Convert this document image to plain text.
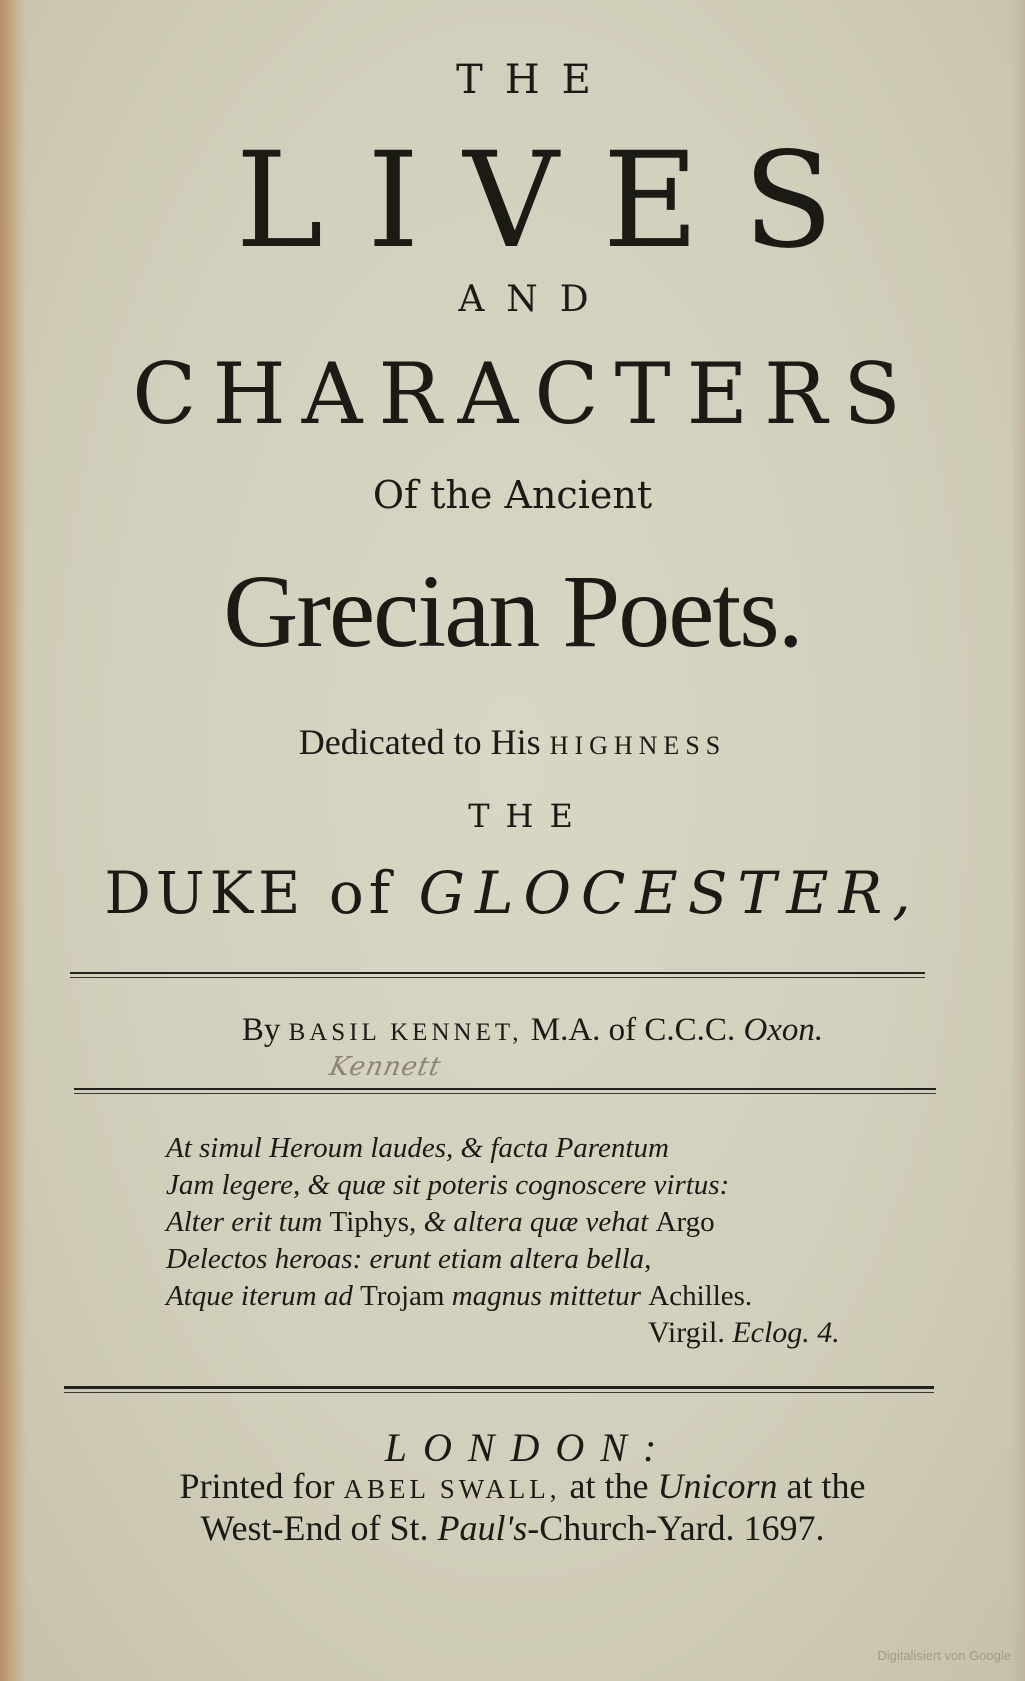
THE
LIVES
AND
CHARACTERS
Of the Ancient
Grecian Poets.
Dedicated to His HIGHNESS
THE
DUKE of GLOCESTER,
By BASIL KENNET, M.A. of C.C.C. Oxon.
Kennett
At simul Heroum laudes, & facta Parentum
Jam legere, & quæ sit poteris cognoscere virtus:
Alter erit tum Tiphys, & altera quæ vehat Argo
Delectos heroas: erunt etiam altera bella,
Atque iterum ad Trojam magnus mittetur Achilles.
Virgil. Eclog. 4.
LONDON:
Printed for ABEL SWALL, at the Unicorn at the
West-End of St. Paul's-Church-Yard. 1697.
Digitalisiert von Google
